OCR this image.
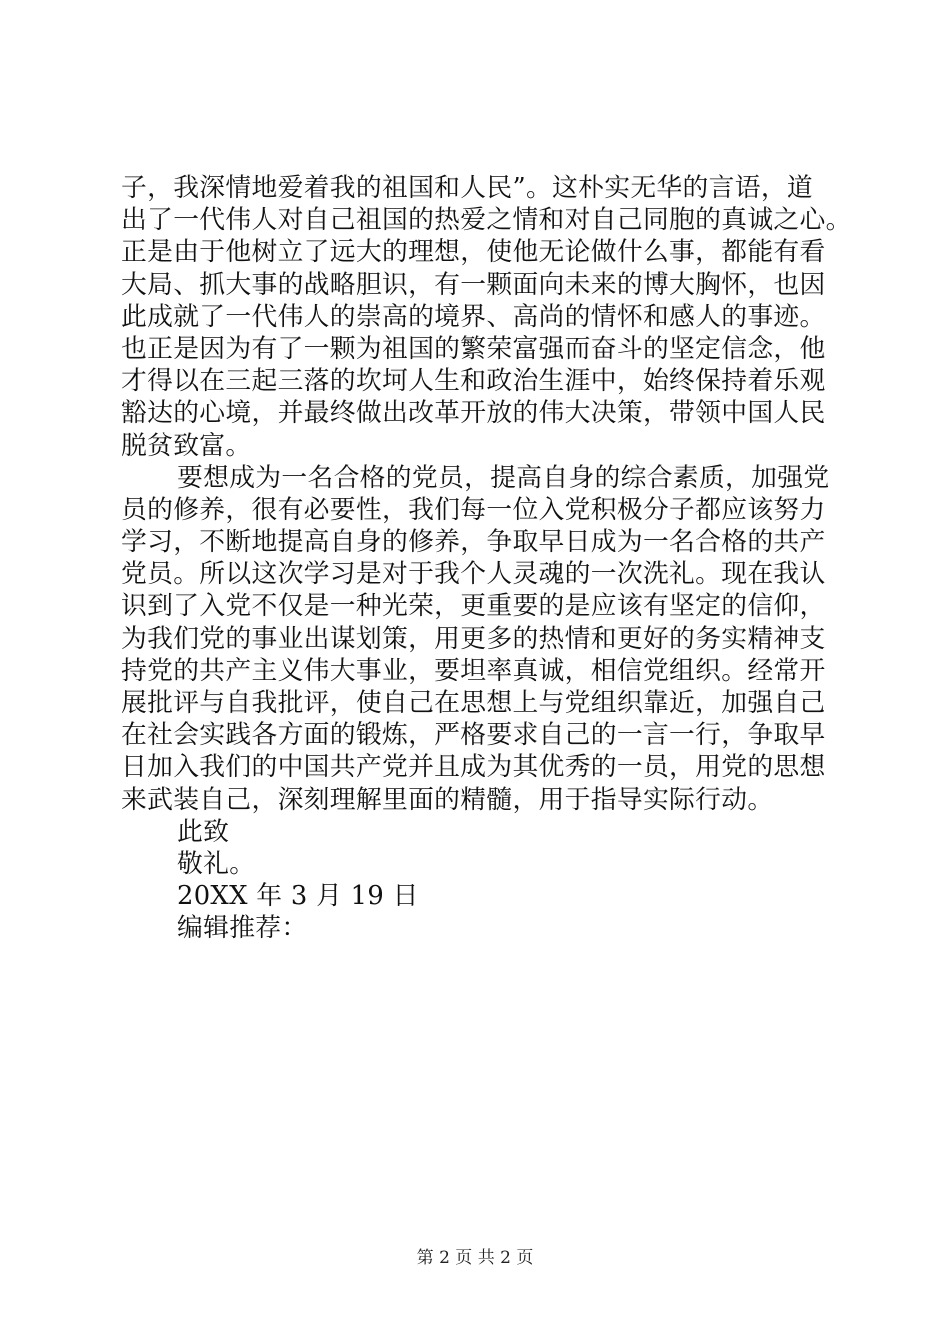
子，我深情地爱着我的祖国和人民”。这朴实无华的言语，道
出了一代伟人对自己祖国的热爱之情和对自己同胞的真诚之心。
正是由于他树立了远大的理想，使他无论做什么事，都能有看
大局、抓大事的战略胆识，有一颗面向未来的博大胸怀，也因
此成就了一代伟人的崇高的境界、高尚的情怀和感人的事迹。
也正是因为有了一颗为祖国的繁荣富强而奋斗的坚定信念，他
才得以在三起三落的坎坷人生和政治生涯中，始终保持着乐观
豁达的心境，并最终做出改革开放的伟大决策，带领中国人民
脱贫致富。
要想成为一名合格的党员，提高自身的综合素质，加强党
员的修养，很有必要性，我们每一位入党积极分子都应该努力
学习，不断地提高自身的修养，争取早日成为一名合格的共产
党员。所以这次学习是对于我个人灵魂的一次洗礼。现在我认
识到了入党不仅是一种光荣，更重要的是应该有坚定的信仰，
为我们党的事业出谋划策，用更多的热情和更好的务实精神支
持党的共产主义伟大事业，要坦率真诚，相信党组织。经常开
展批评与自我批评，使自己在思想上与党组织靠近，加强自己
在社会实践各方面的锻炼，严格要求自己的一言一行，争取早
日加入我们的中国共产党并且成为其优秀的一员，用党的思想
来武装自己，深刻理解里面的精髓，用于指导实际行动。
此致
敬礼。
20XX 年 3 月 19 日
编辑推荐：
第 2 页 共 2 页
